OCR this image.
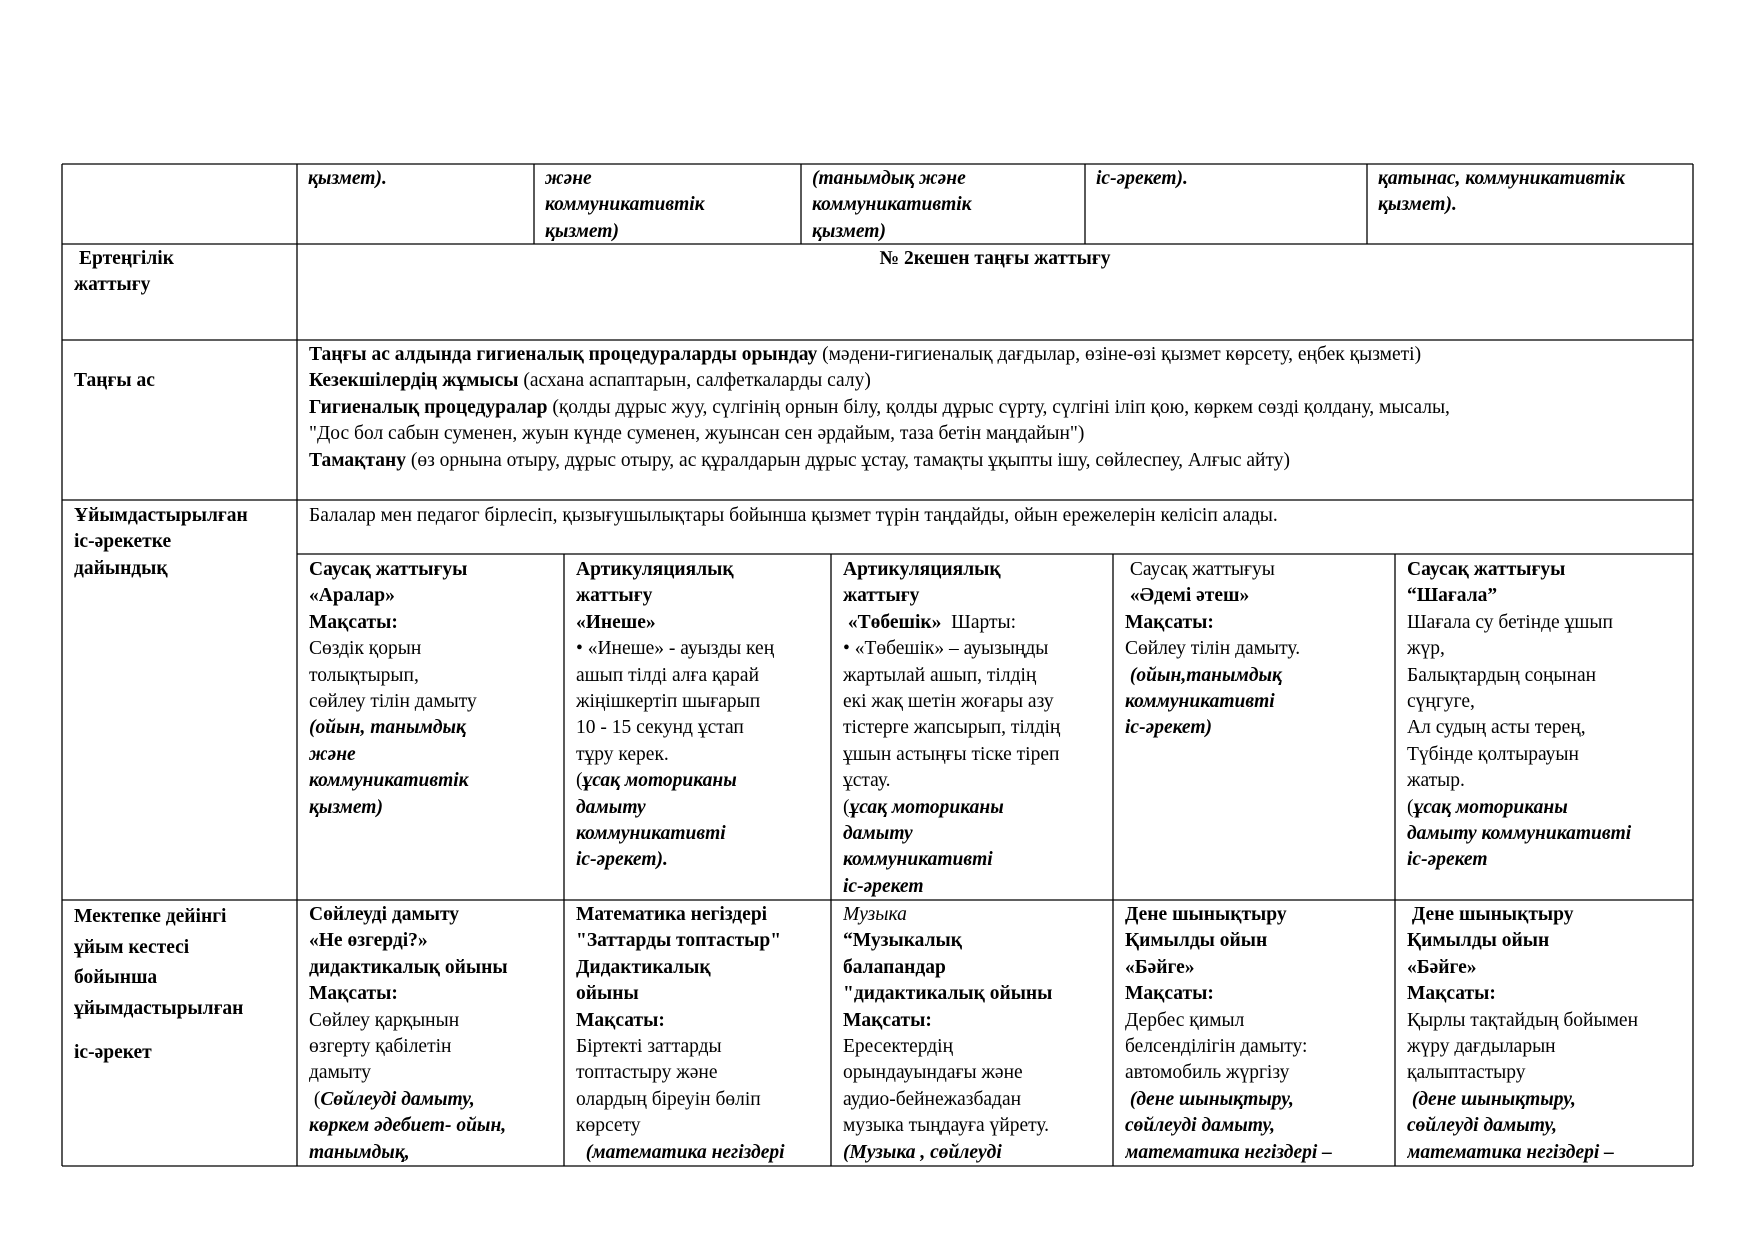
қызмет).	және
коммуникативтік
қызмет)
(танымдық және
коммуникативтік
қызмет)
іс-әрекет).	қатынас, коммуникативтік
қызмет).
Ертеңгілік
жаттығу
№ 2кешен таңғы жаттығу
Таңғы ас
Таңғы ас алдында гигиеналық процедураларды орындау (мәдени-гигиеналық дағдылар, өзіне-өзі қызмет көрсету, еңбек қызметі)
Кезекшілердің жұмысы (асхана аспаптарын, салфеткаларды салу)
Гигиеналық процедуралар (қолды дұрыс жуу, сүлгінің орнын білу, қолды дұрыс сүрту, сүлгіні іліп қою, көркем сөзді қолдану, мысалы,
"Дос бол сабын суменен, жуын күнде суменен, жуынсан сен әрдайым, таза бетін маңдайын")
Тамақтану (өз орнына отыру, дұрыс отыру, ас құралдарын дұрыс ұстау, тамақты ұқыпты ішу, сөйлеспеу, Алғыс айту)
Ұйымдастырылған
іс-әрекетке
дайындық
Балалар мен педагог бірлесіп, қызығушылықтары бойынша қызмет түрін таңдайды, ойын ережелерін келісіп алады.
Саусақ жаттығуы
«Аралар»
Мақсаты:
Сөздік қорын
толықтырып,
сөйлеу тілін дамыту
(ойын, танымдық
және
коммуникативтік
қызмет)
Артикуляциялық
жаттығу
«Инеше»
• «Инеше» - ауызды кең
ашып тілді алға қарай
жіңішкертіп шығарып
10 - 15 секунд ұстап
тұру керек.
(ұсақ моториканы
дамыту
коммуникативті
іс-әрекет).
Артикуляциялық
жаттығу
«Төбешік»  Шарты:
• «Төбешік» – ауызыңды
жартылай ашып, тілдің
екі жақ шетін жоғары азу
тістерге жапсырып, тілдің
ұшын астыңғы тіске тіреп
ұстау.
(ұсақ моториканы
дамыту
коммуникативті
іс-әрекет
Саусақ жаттығуы
«Әдемі әтеш»
Мақсаты:
Сөйлеу тілін дамыту.
(ойын,танымдық
коммуникативті
іс-әрекет)
Саусақ жаттығуы
“Шағала”
Шағала су бетінде ұшып
жүр,
Балықтардың соңынан
сүңгуге,
Ал судың асты терең,
Түбінде қолтырауын
жатыр.
(ұсақ моториканы
дамыту коммуникативті
іс-әрекет
Мектепке дейінгі
ұйым кестесі
бойынша
ұйымдастырылған
іс-әрекет
Сөйлеуді дамыту
«Не өзгерді?»
дидактикалық ойыны
Мақсаты:
Сөйлеу қарқынын
өзгерту қабілетін
дамыту
(Сөйлеуді дамыту,
көркем әдебиет- ойын,
танымдық,
Математика негіздері
"Заттарды топтастыр"
Дидактикалық
ойыны
Мақсаты:
Біртекті заттарды
топтастыру және
олардың біреуін бөліп
көрсету
(математика негіздері
Музыка
“Музыкалық
балапандар
"дидактикалық ойыны
Мақсаты:
Ересектердің
орындауындағы және
аудио-бейнежазбадан
музыка тыңдауға үйрету.
(Музыка , сөйлеуді
Дене шынықтыру
Қимылды ойын
«Бәйге»
Мақсаты:
Дербес қимыл
белсенділігін дамыту:
автомобиль жүргізу
(дене шынықтыру,
сөйлеуді дамыту,
математика негіздері –
Дене шынықтыру
Қимылды ойын
«Бәйге»
Мақсаты:
Қырлы тақтайдың бойымен
жүру дағдыларын
қалыптастыру
(дене шынықтыру,
сөйлеуді дамыту,
математика негіздері –
